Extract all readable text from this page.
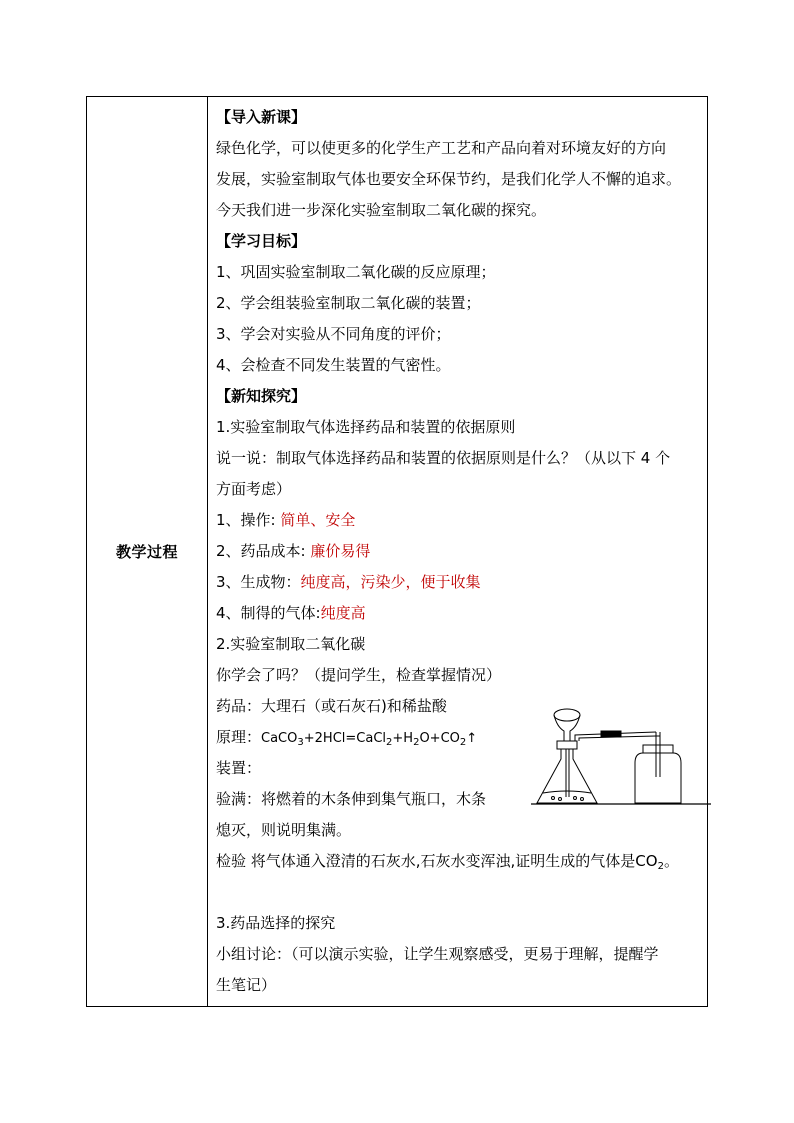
教学过程
【导入新课】
绿色化学，可以使更多的化学生产工艺和产品向着对环境友好的方向
发展，实验室制取气体也要安全环保节约，是我们化学人不懈的追求。
今天我们进一步深化实验室制取二氧化碳的探究。
【学习目标】
1、巩固实验室制取二氧化碳的反应原理；
2、学会组装验室制取二氧化碳的装置；
3、学会对实验从不同角度的评价；
4、会检查不同发生装置的气密性。
【新知探究】
1.实验室制取气体选择药品和装置的依据原则
说一说：制取气体选择药品和装置的依据原则是什么？（从以下 4 个
方面考虑）
1、操作: 简单、安全
2、药品成本: 廉价易得
3、生成物：纯度高，污染少，便于收集
4、制得的气体:纯度高
2.实验室制取二氧化碳
你学会了吗？（提问学生，检查掌握情况）
药品：大理石（或石灰石)和稀盐酸
原理：$CaCO_3+2HCl=CaCl_2+H_2O+CO_2↑$
装置：
验满：将燃着的木条伸到集气瓶口，木条
熄灭，则说明集满。
检验 将气体通入澄清的石灰水,石灰水变浑浊,证明生成的气体是$CO_2$。
3.药品选择的探究
小组讨论：（可以演示实验，让学生观察感受，更易于理解，提醒学
生笔记）
